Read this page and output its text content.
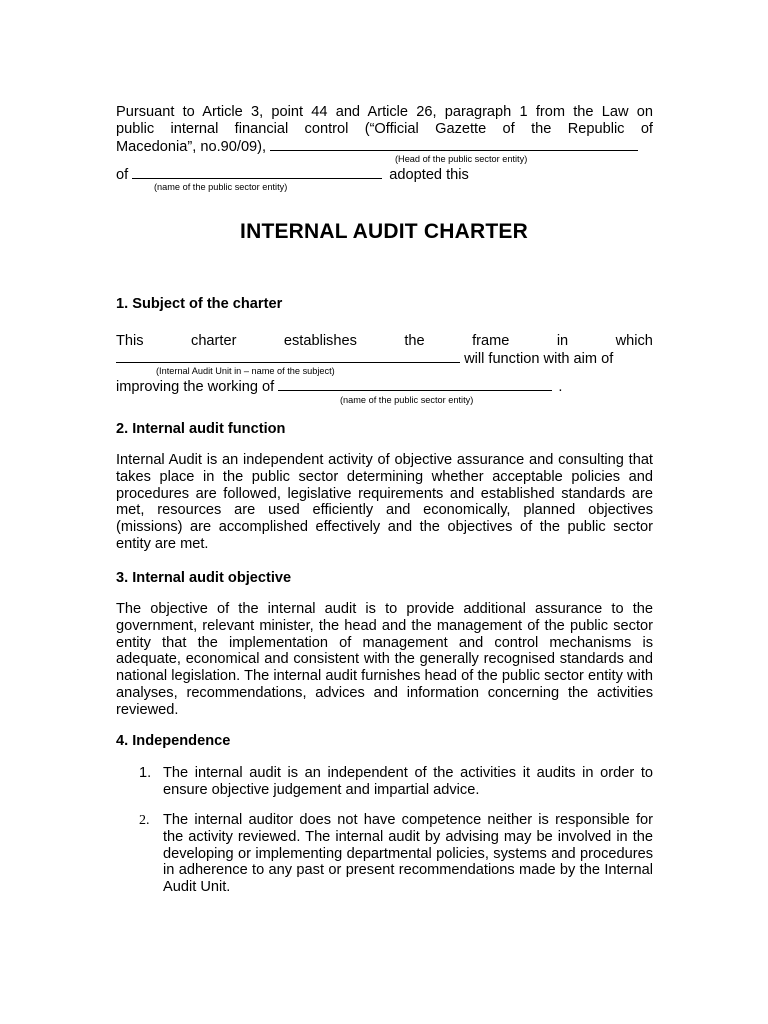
Pursuant to Article 3, point 44 and Article 26, paragraph 1 from the Law on
public internal financial control (“Official Gazette of the Republic of
Macedonia”, no.90/09),
(Head of the public sector entity)
of	adopted this
(name of the public sector entity)
INTERNAL AUDIT CHARTER
1. Subject of the charter
This	charter	establishes	the	frame	in	which
will function with aim of
(Internal Audit Unit in – name of the subject)
improving the working of	.
(name of the public sector entity)
2. Internal audit function
Internal Audit is an independent activity of objective assurance and consulting that takes place in the public sector determining whether acceptable policies and procedures are followed, legislative requirements and established standards are met, resources are used efficiently and economically, planned objectives (missions) are accomplished effectively and the objectives of the public sector entity are met.
3. Internal audit objective
The objective of the internal audit is to provide additional assurance to the government, relevant minister, the head and the management of the public sector entity that the implementation of management and control mechanisms is adequate, economical and consistent with the generally recognised standards and national legislation. The internal audit furnishes head of the public sector entity with analyses, recommendations, advices and information concerning the activities reviewed.
4. Independence
1. The internal audit is an independent of the activities it audits in order to ensure objective judgement and impartial advice.
2. The internal auditor does not have competence neither is responsible for the activity reviewed. The internal audit by advising may be involved in the developing or implementing departmental policies, systems and procedures in adherence to any past or present recommendations made by the Internal Audit Unit.
